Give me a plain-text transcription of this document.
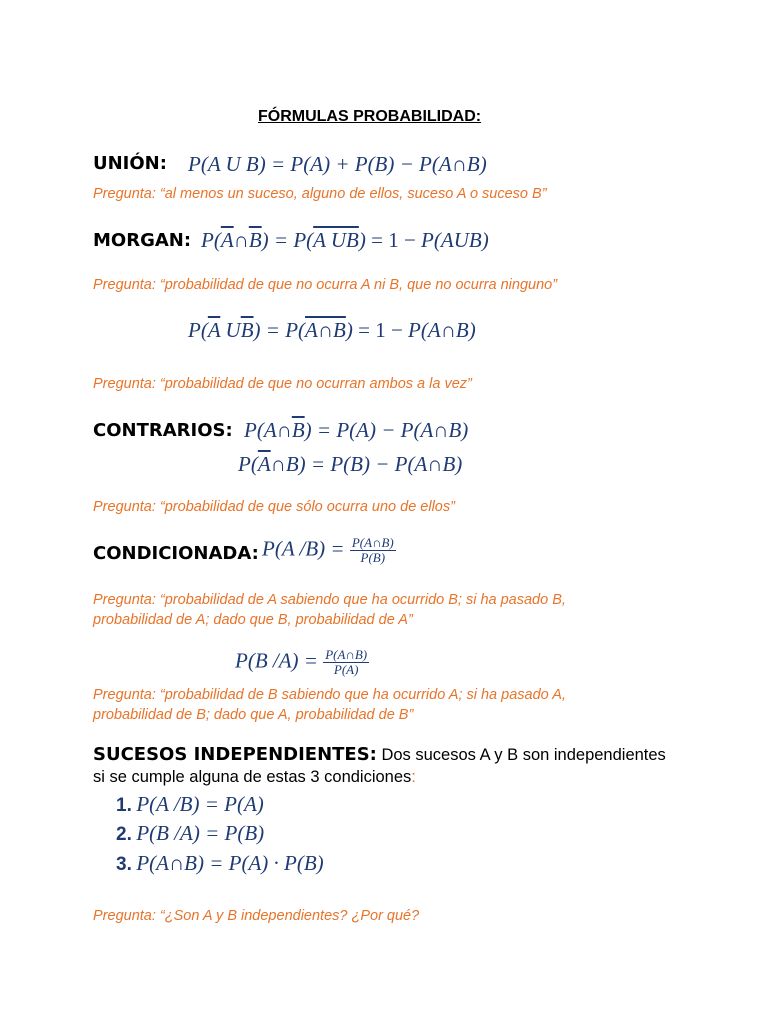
FÓRMULAS PROBABILIDAD:
UNIÓN: P(A U B) = P(A) + P(B) − P(A∩B)
Pregunta: “al menos un suceso, alguno de ellos, suceso A o suceso B”
MORGAN: $P(\overline{A}\cap\overline{B}) = P(A$ UB) = 1 − P(AUB)
Pregunta: “probabilidad de que no ocurra A ni B, que no ocurra ninguno”
$P(\overline{A}$ $U\overline{B}$) = P(A∩B) = 1 − P(A∩B)
Pregunta: “probabilidad de que no ocurran ambos a la vez”
CONTRARIOS: $P(A\cap\overline{B}) = P(A)$ − P(A∩B)
$P(\overline{A}\cap B) = P(B)$ − P(A∩B)
Pregunta: “probabilidad de que sólo ocurra uno de ellos”
CONDICIONADA: P(A $/B) = \frac{P(A\cap B)}{P(B)}$
Pregunta: “probabilidad de A sabiendo que ha ocurrido B; si ha pasado B,
probabilidad de A; dado que B, probabilidad de A”
P(B $/A) = \frac{P(A\cap B)}{P(A)}$
Pregunta: “probabilidad de B sabiendo que ha ocurrido A; si ha pasado A,
probabilidad de B; dado que A, probabilidad de B”
SUCESOS INDEPENDIENTES: Dos sucesos A y B son independientes
si se cumple alguna de estas 3 condiciones:
1. P(A /B) = P(A)
2. P(B /A) = P(B)
3. P(A∩B) = P(A) · P(B)
Pregunta: “¿Son A y B independientes? ¿Por qué?
